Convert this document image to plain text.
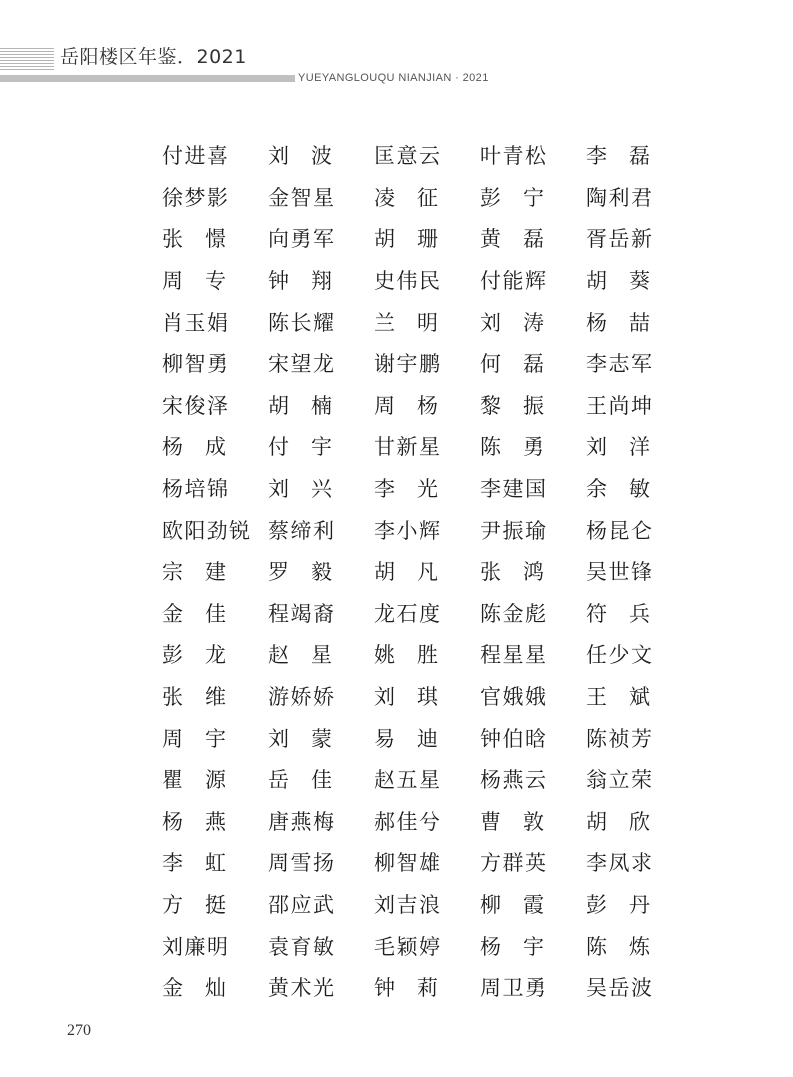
岳阳楼区年鉴．2021
YUEYANGLOUQU NIANJIAN · 2021
付 进 喜 刘 波 匡 意 云 叶 青 松 李 磊
徐 梦 影 金 智 星 凌 征 彭 宁 陶 利 君
张 憬 向 勇 军 胡 珊 黄 磊 胥 岳 新
周 专 钟 翔 史 伟 民 付 能 辉 胡 葵
肖 玉 娟 陈 长 耀 兰 明 刘 涛 杨 喆
柳 智 勇 宋 望 龙 谢 宇 鹏 何 磊 李 志 军
宋 俊 泽 胡 楠 周 杨 黎 振 王 尚 坤
杨 成 付 宇 甘 新 星 陈 勇 刘 洋
杨 培 锦 刘 兴 李 光 李 建 国 余 敏
欧 阳 劲 锐 蔡 缔 利 李 小 辉 尹 振 瑜 杨 昆 仑
宗 建 罗 毅 胡 凡 张 鸿 吴 世 锋
金 佳 程 竭 裔 龙 石 度 陈 金 彪 符 兵
彭 龙 赵 星 姚 胜 程 星 星 任 少 文
张 维 游 娇 娇 刘 琪 官 娥 娥 王 斌
周 宇 刘 蒙 易 迪 钟 伯 晗 陈 祯 芳
瞿 源 岳 佳 赵 五 星 杨 燕 云 翁 立 荣
杨 燕 唐 燕 梅 郝 佳 兮 曹 敦 胡 欣
李 虹 周 雪 扬 柳 智 雄 方 群 英 李 凤 求
方 挺 邵 应 武 刘 吉 浪 柳 霞 彭 丹
刘 廉 明 袁 育 敏 毛 颖 婷 杨 宇 陈 炼
金 灿 黄 术 光 钟 莉 周 卫 勇 吴 岳 波
270
